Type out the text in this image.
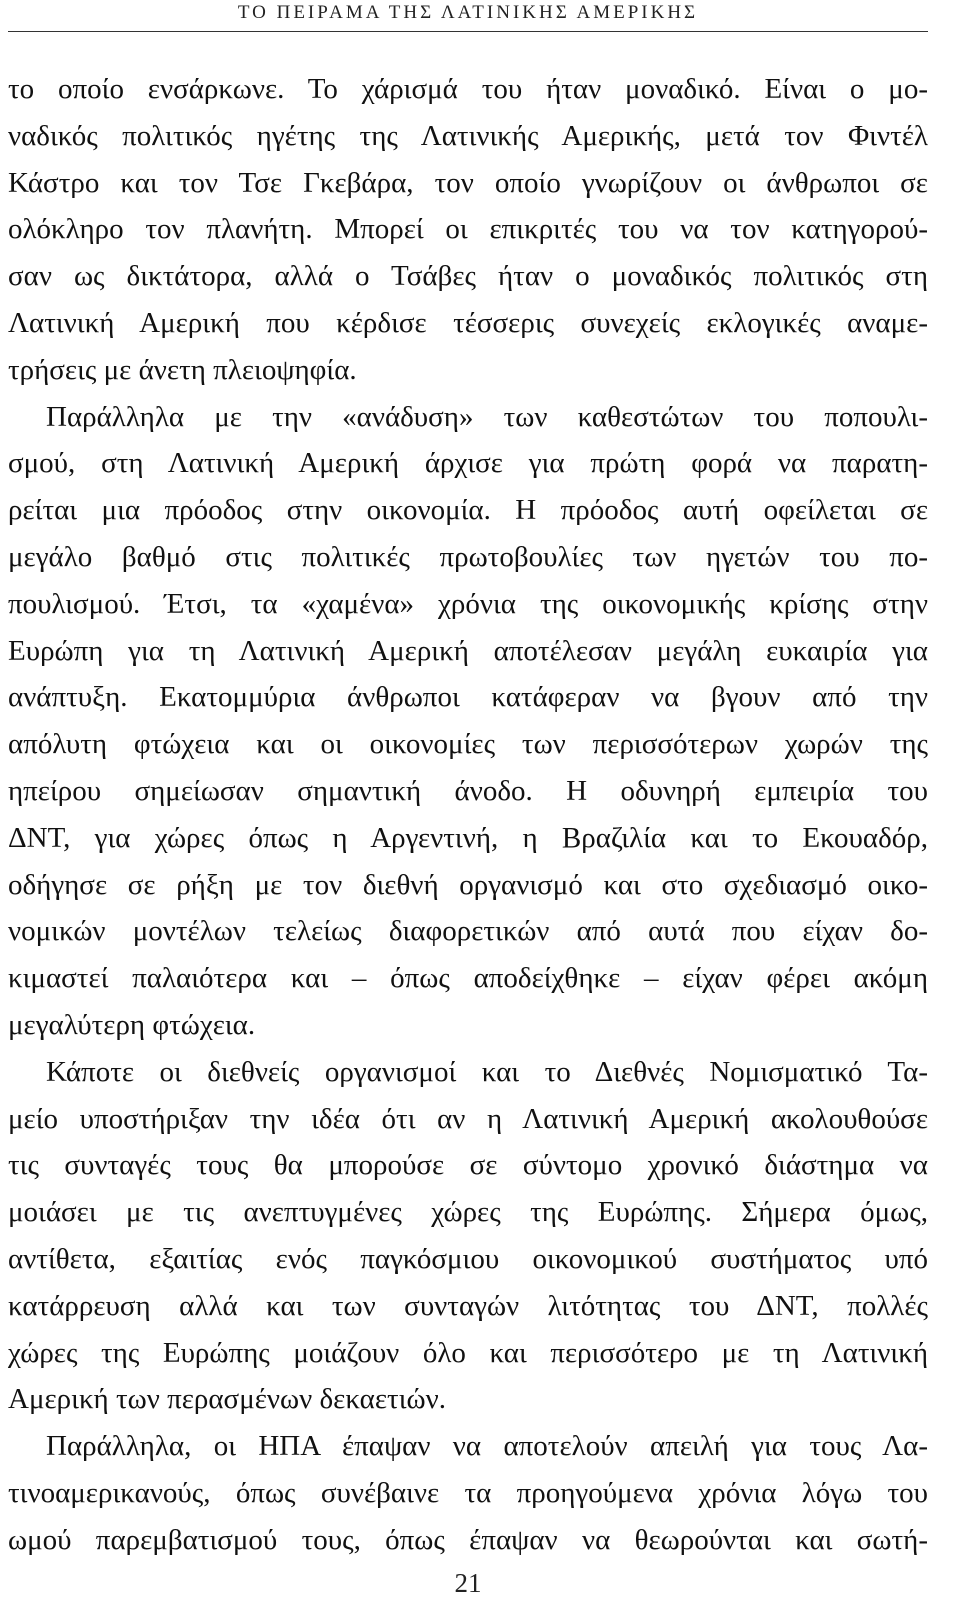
ΤΟ ΠΕΙΡΑΜΑ ΤΗΣ ΛΑΤΙΝΙΚΗΣ ΑΜΕΡΙΚΗΣ
το οποίο ενσάρκωνε. Το χάρισμά του ήταν μοναδικό. Είναι ο μο-
ναδικός πολιτικός ηγέτης της Λατινικής Αμερικής, μετά τον Φιντέλ
Κάστρο και τον Τσε Γκεβάρα, τον οποίο γνωρίζουν οι άνθρωποι σε
ολόκληρο τον πλανήτη. Μπορεί οι επικριτές του να τον κατηγορού-
σαν ως δικτάτορα, αλλά ο Τσάβες ήταν ο μοναδικός πολιτικός στη
Λατινική Αμερική που κέρδισε τέσσερις συνεχείς εκλογικές αναμε-
τρήσεις με άνετη πλειοψηφία.
Παράλληλα με την «ανάδυση» των καθεστώτων του ποπουλι-
σμού, στη Λατινική Αμερική άρχισε για πρώτη φορά να παρατη-
ρείται μια πρόοδος στην οικονομία. Η πρόοδος αυτή οφείλεται σε
μεγάλο βαθμό στις πολιτικές πρωτοβουλίες των ηγετών του πο-
πουλισμού. Έτσι, τα «χαμένα» χρόνια της οικονομικής κρίσης στην
Ευρώπη για τη Λατινική Αμερική αποτέλεσαν μεγάλη ευκαιρία για
ανάπτυξη. Εκατομμύρια άνθρωποι κατάφεραν να βγουν από την
απόλυτη φτώχεια και οι οικονομίες των περισσότερων χωρών της
ηπείρου σημείωσαν σημαντική άνοδο. Η οδυνηρή εμπειρία του
ΔΝΤ, για χώρες όπως η Αργεντινή, η Βραζιλία και το Εκουαδόρ,
οδήγησε σε ρήξη με τον διεθνή οργανισμό και στο σχεδιασμό οικο-
νομικών μοντέλων τελείως διαφορετικών από αυτά που είχαν δο-
κιμαστεί παλαιότερα και – όπως αποδείχθηκε – είχαν φέρει ακόμη
μεγαλύτερη φτώχεια.
Κάποτε οι διεθνείς οργανισμοί και το Διεθνές Νομισματικό Τα-
μείο υποστήριξαν την ιδέα ότι αν η Λατινική Αμερική ακολουθούσε
τις συνταγές τους θα μπορούσε σε σύντομο χρονικό διάστημα να
μοιάσει με τις ανεπτυγμένες χώρες της Ευρώπης. Σήμερα όμως,
αντίθετα, εξαιτίας ενός παγκόσμιου οικονομικού συστήματος υπό
κατάρρευση αλλά και των συνταγών λιτότητας του ΔΝΤ, πολλές
χώρες της Ευρώπης μοιάζουν όλο και περισσότερο με τη Λατινική
Αμερική των περασμένων δεκαετιών.
Παράλληλα, οι ΗΠΑ έπαψαν να αποτελούν απειλή για τους Λα-
τινοαμερικανούς, όπως συνέβαινε τα προηγούμενα χρόνια λόγω του
ωμού παρεμβατισμού τους, όπως έπαψαν να θεωρούνται και σωτή-
21
